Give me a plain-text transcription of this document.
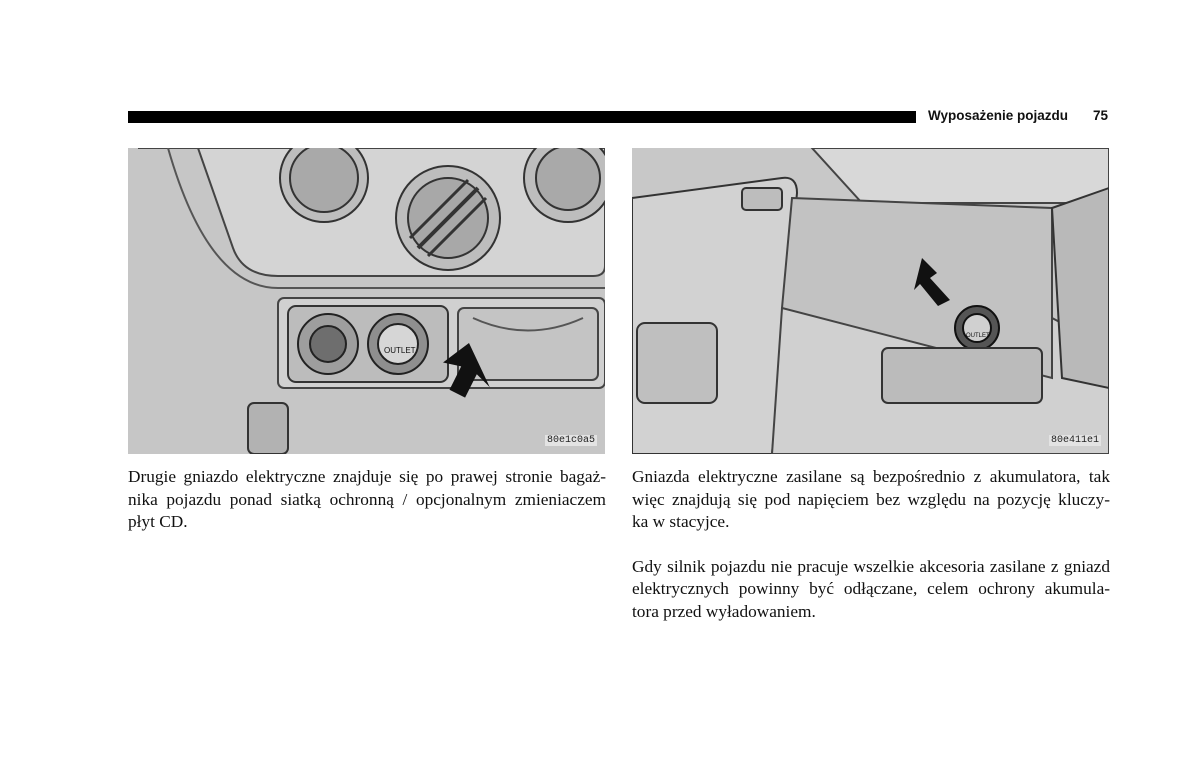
Wyposażenie pojazdu 75
OUTLET
80e1c0a5
OUTLET
80e411e1

Drugie gniazdo elektryczne znajduje się po prawej stronie bagaż-
nika pojazdu ponad siatką ochronną / opcjonalnym zmieniaczem
płyt CD.

Gniazda elektryczne zasilane są bezpośrednio z akumulatora, tak
więc znajdują się pod napięciem bez względu na pozycję kluczy-
ka w stacyjce.

Gdy silnik pojazdu nie pracuje wszelkie akcesoria zasilane z gniazd
elektrycznych powinny być odłączane, celem ochrony akumula-
tora przed wyładowaniem.
